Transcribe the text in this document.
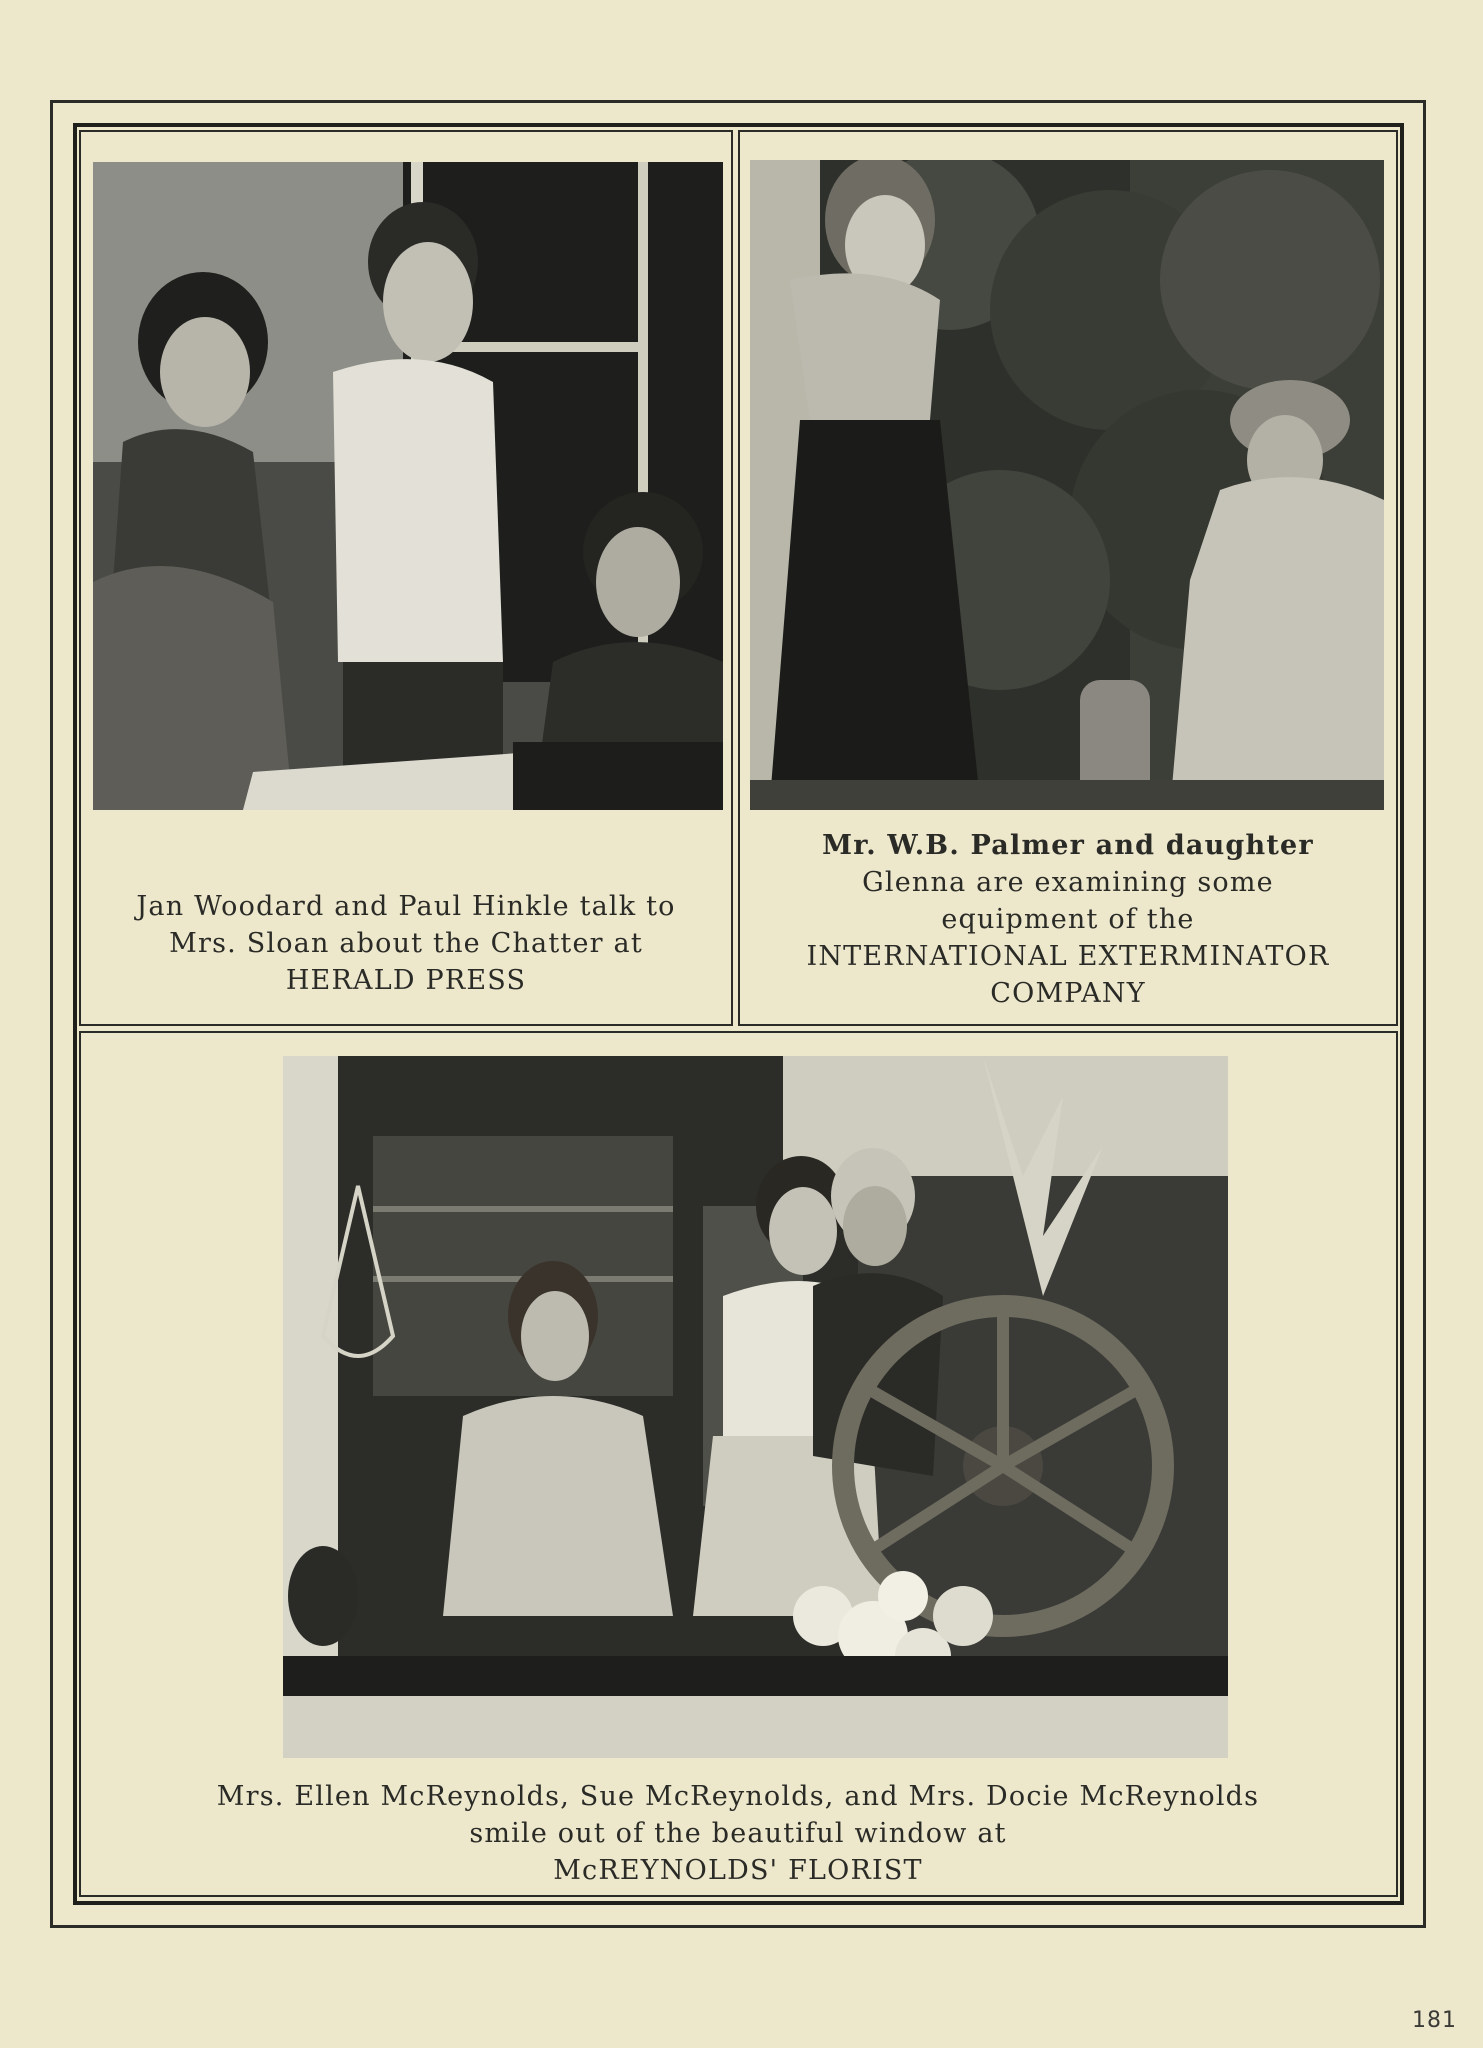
Jan Woodard and Paul Hinkle talk to
Mrs. Sloan about the Chatter at
HERALD PRESS
Mr. W.B. Palmer and daughter
Glenna are examining some
equipment of the
INTERNATIONAL EXTERMINATOR
COMPANY
Mrs. Ellen McReynolds, Sue McReynolds, and Mrs. Docie McReynolds
smile out of the beautiful window at
McREYNOLDS' FLORIST
181
